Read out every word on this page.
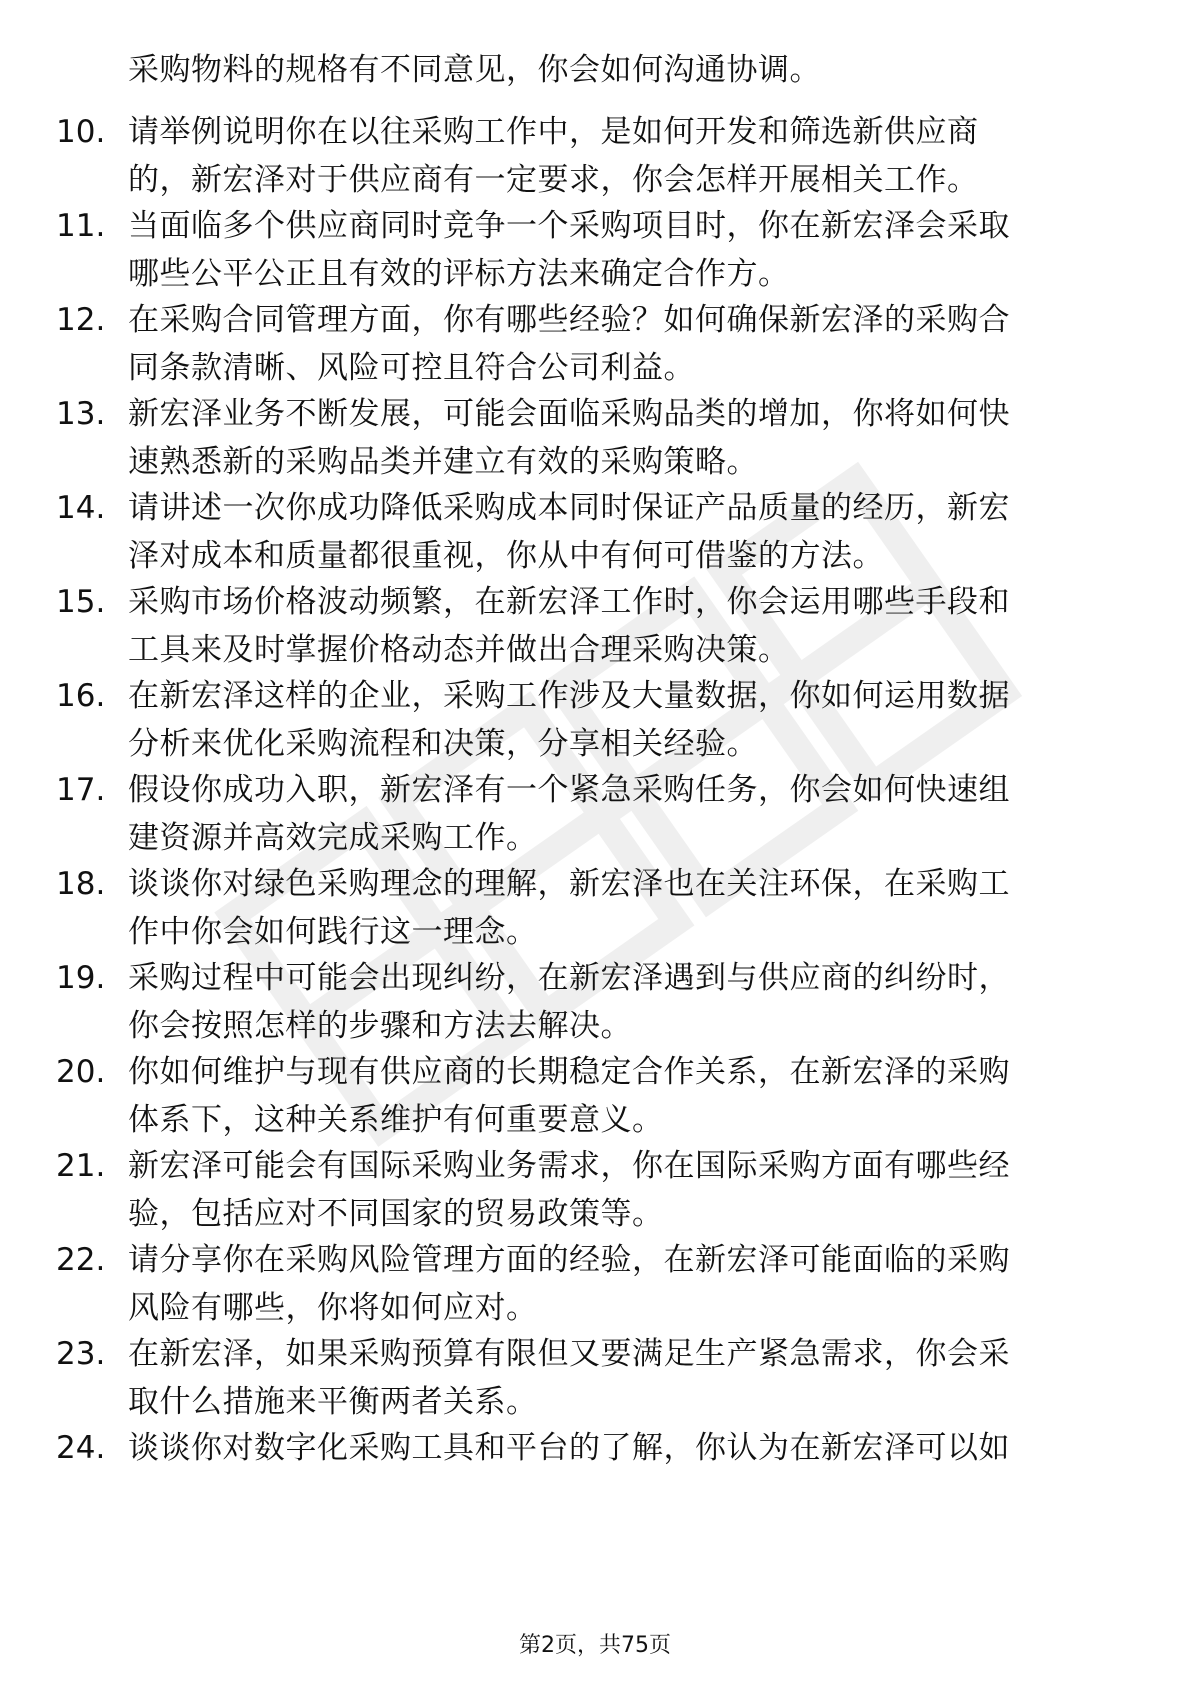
采购物料的规格有不同意见，你会如何沟通协调。
10. 请举例说明你在以往采购工作中，是如何开发和筛选新供应商
的，新宏泽对于供应商有一定要求，你会怎样开展相关工作。
11. 当面临多个供应商同时竞争一个采购项目时，你在新宏泽会采取
哪些公平公正且有效的评标方法来确定合作方。
12. 在采购合同管理方面，你有哪些经验？如何确保新宏泽的采购合
同条款清晰、风险可控且符合公司利益。
13. 新宏泽业务不断发展，可能会面临采购品类的增加，你将如何快
速熟悉新的采购品类并建立有效的采购策略。
14. 请讲述一次你成功降低采购成本同时保证产品质量的经历，新宏
泽对成本和质量都很重视，你从中有何可借鉴的方法。
15. 采购市场价格波动频繁，在新宏泽工作时，你会运用哪些手段和
工具来及时掌握价格动态并做出合理采购决策。
16. 在新宏泽这样的企业，采购工作涉及大量数据，你如何运用数据
分析来优化采购流程和决策，分享相关经验。
17. 假设你成功入职，新宏泽有一个紧急采购任务，你会如何快速组
建资源并高效完成采购工作。
18. 谈谈你对绿色采购理念的理解，新宏泽也在关注环保，在采购工
作中你会如何践行这一理念。
19. 采购过程中可能会出现纠纷，在新宏泽遇到与供应商的纠纷时，
你会按照怎样的步骤和方法去解决。
20. 你如何维护与现有供应商的长期稳定合作关系，在新宏泽的采购
体系下，这种关系维护有何重要意义。
21. 新宏泽可能会有国际采购业务需求，你在国际采购方面有哪些经
验，包括应对不同国家的贸易政策等。
22. 请分享你在采购风险管理方面的经验，在新宏泽可能面临的采购
风险有哪些，你将如何应对。
23. 在新宏泽，如果采购预算有限但又要满足生产紧急需求，你会采
取什么措施来平衡两者关系。
24. 谈谈你对数字化采购工具和平台的了解，你认为在新宏泽可以如
第2页，共75页
